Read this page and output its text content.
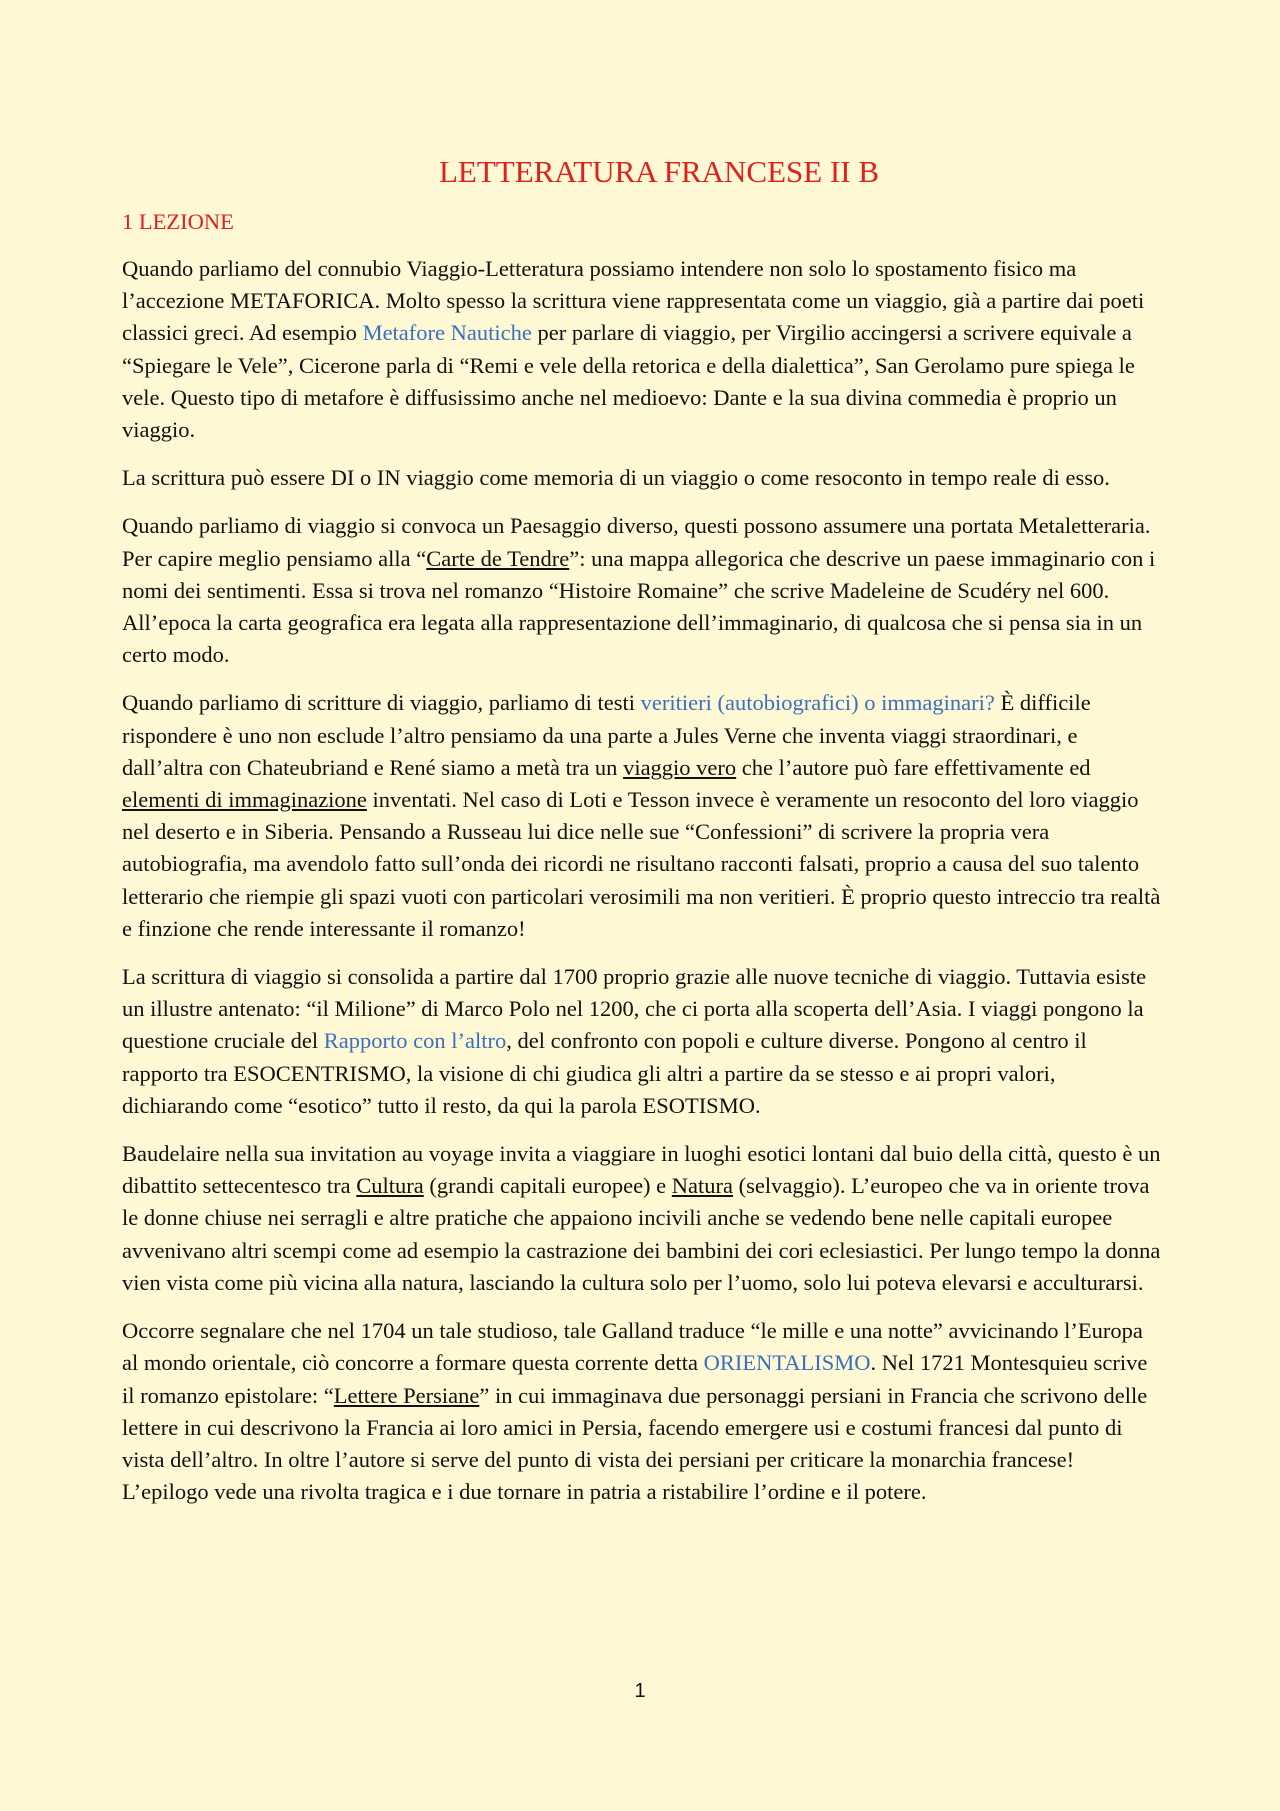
LETTERATURA FRANCESE II B
1 LEZIONE

Quando parliamo del connubio Viaggio-Letteratura possiamo intendere non solo lo spostamento fisico ma l’accezione METAFORICA. Molto spesso la scrittura viene rappresentata come un viaggio, già a partire dai poeti classici greci. Ad esempio Metafore Nautiche per parlare di viaggio, per Virgilio accingersi a scrivere equivale a “Spiegare le Vele”, Cicerone parla di “Remi e vele della retorica e della dialettica”, San Gerolamo pure spiega le vele. Questo tipo di metafore è diffusissimo anche nel medioevo: Dante e la sua divina commedia è proprio un viaggio.

La scrittura può essere DI o IN viaggio come memoria di un viaggio o come resoconto in tempo reale di esso.

Quando parliamo di viaggio si convoca un Paesaggio diverso, questi possono assumere una portata Metaletteraria. Per capire meglio pensiamo alla “Carte de Tendre”: una mappa allegorica che descrive un paese immaginario con i nomi dei sentimenti. Essa si trova nel romanzo “Histoire Romaine” che scrive Madeleine de Scudéry nel 600. All’epoca la carta geografica era legata alla rappresentazione dell’immaginario, di qualcosa che si pensa sia in un certo modo.

Quando parliamo di scritture di viaggio, parliamo di testi veritieri (autobiografici) o immaginari? È difficile rispondere è uno non esclude l’altro pensiamo da una parte a Jules Verne che inventa viaggi straordinari, e dall’altra con Chateubriand e René siamo a metà tra un viaggio vero che l’autore può fare effettivamente ed elementi di immaginazione inventati. Nel caso di Loti e Tesson invece è veramente un resoconto del loro viaggio nel deserto e in Siberia. Pensando a Russeau lui dice nelle sue “Confessioni” di scrivere la propria vera autobiografia, ma avendolo fatto sull’onda dei ricordi ne risultano racconti falsati, proprio a causa del suo talento letterario che riempie gli spazi vuoti con particolari verosimili ma non veritieri. È proprio questo intreccio tra realtà e finzione che rende interessante il romanzo!

La scrittura di viaggio si consolida a partire dal 1700 proprio grazie alle nuove tecniche di viaggio. Tuttavia esiste un illustre antenato: “il Milione” di Marco Polo nel 1200, che ci porta alla scoperta dell’Asia. I viaggi pongono la questione cruciale del Rapporto con l’altro, del confronto con popoli e culture diverse. Pongono al centro il rapporto tra ESOCENTRISMO, la visione di chi giudica gli altri a partire da se stesso e ai propri valori, dichiarando come “esotico” tutto il resto, da qui la parola ESOTISMO.

Baudelaire nella sua invitation au voyage invita a viaggiare in luoghi esotici lontani dal buio della città, questo è un dibattito settecentesco tra Cultura (grandi capitali europee) e Natura (selvaggio). L’europeo che va in oriente trova le donne chiuse nei serragli e altre pratiche che appaiono incivili anche se vedendo bene nelle capitali europee avvenivano altri scempi come ad esempio la castrazione dei bambini dei cori eclesiastici. Per lungo tempo la donna vien vista come più vicina alla natura, lasciando la cultura solo per l’uomo, solo lui poteva elevarsi e acculturarsi.

Occorre segnalare che nel 1704 un tale studioso, tale Galland traduce “le mille e una notte” avvicinando l’Europa al mondo orientale, ciò concorre a formare questa corrente detta ORIENTALISMO. Nel 1721 Montesquieu scrive il romanzo epistolare: “Lettere Persiane” in cui immaginava due personaggi persiani in Francia che scrivono delle lettere in cui descrivono la Francia ai loro amici in Persia, facendo emergere usi e costumi francesi dal punto di vista dell’altro. In oltre l’autore si serve del punto di vista dei persiani per criticare la monarchia francese! L’epilogo vede una rivolta tragica e i due tornare in patria a ristabilire l’ordine e il potere.

1
